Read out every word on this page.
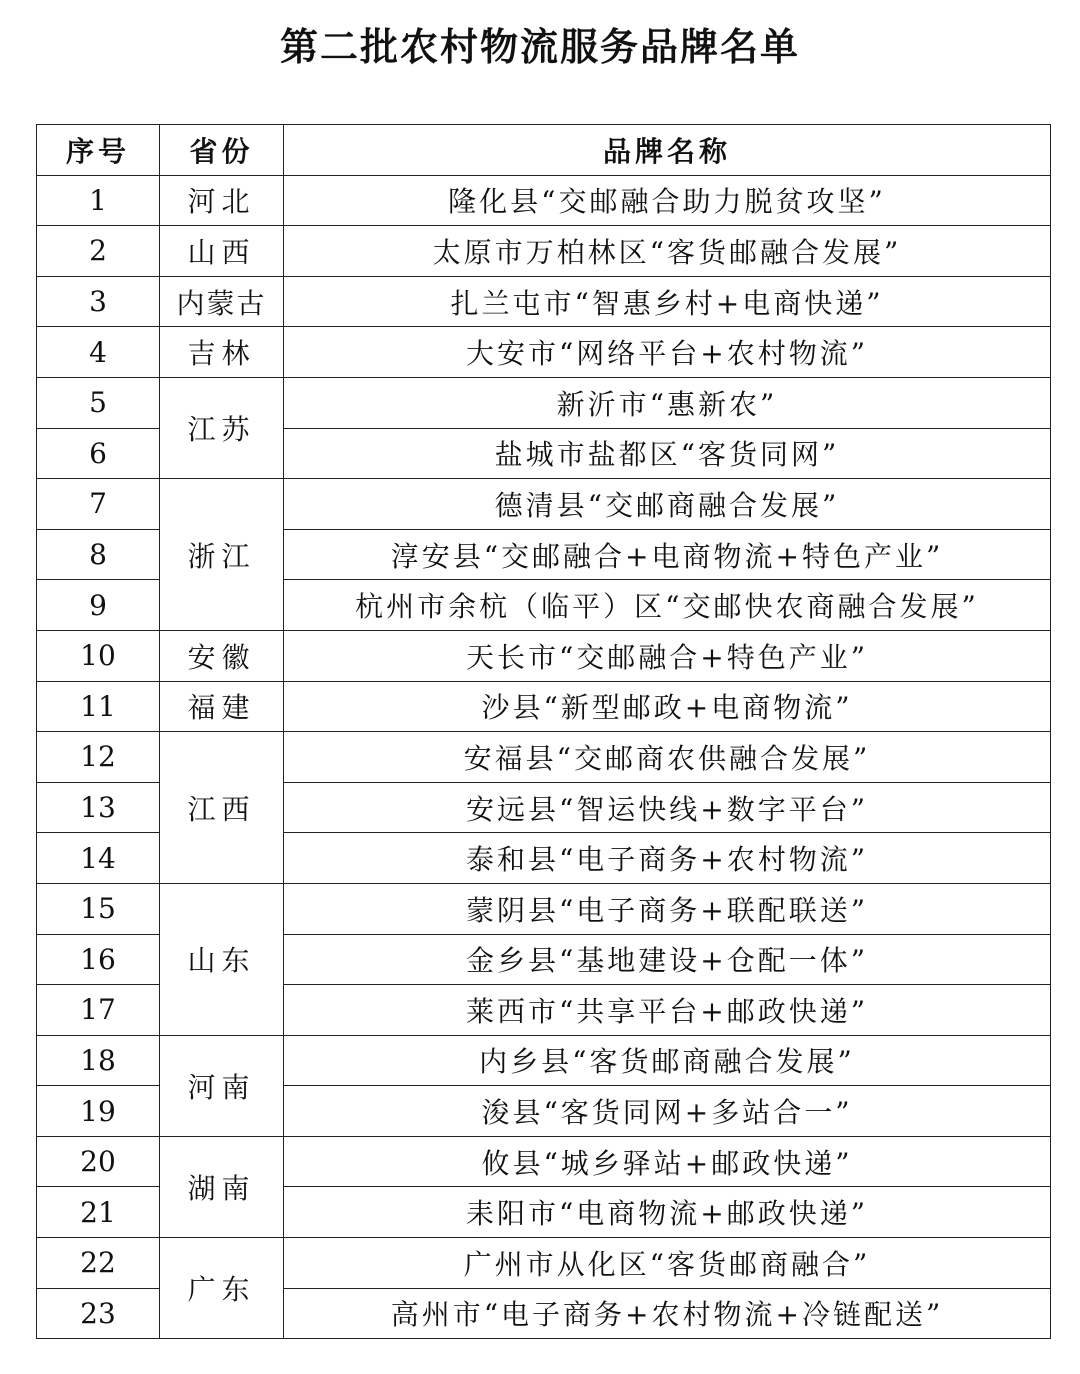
第二批农村物流服务品牌名单
序号	省份	品牌名称
1	河北	隆化县“交邮融合助力脱贫攻坚”
2	山西	太原市万柏林区“客货邮融合发展”
3	内蒙古	扎兰屯市“智惠乡村+电商快递”
4	吉林	大安市“网络平台+农村物流”
5	江苏	新沂市“惠新农”
6		盐城市盐都区“客货同网”
7	浙江	德清县“交邮商融合发展”
8		淳安县“交邮融合+电商物流+特色产业”
9		杭州市余杭（临平）区“交邮快农商融合发展”
10	安徽	天长市“交邮融合+特色产业”
11	福建	沙县“新型邮政+电商物流”
12	江西	安福县“交邮商农供融合发展”
13		安远县“智运快线+数字平台”
14		泰和县“电子商务+农村物流”
15	山东	蒙阴县“电子商务+联配联送”
16		金乡县“基地建设+仓配一体”
17		莱西市“共享平台+邮政快递”
18	河南	内乡县“客货邮商融合发展”
19		浚县“客货同网+多站合一”
20	湖南	攸县“城乡驿站+邮政快递”
21		耒阳市“电商物流+邮政快递”
22	广东	广州市从化区“客货邮商融合”
23		高州市“电子商务+农村物流+冷链配送”
